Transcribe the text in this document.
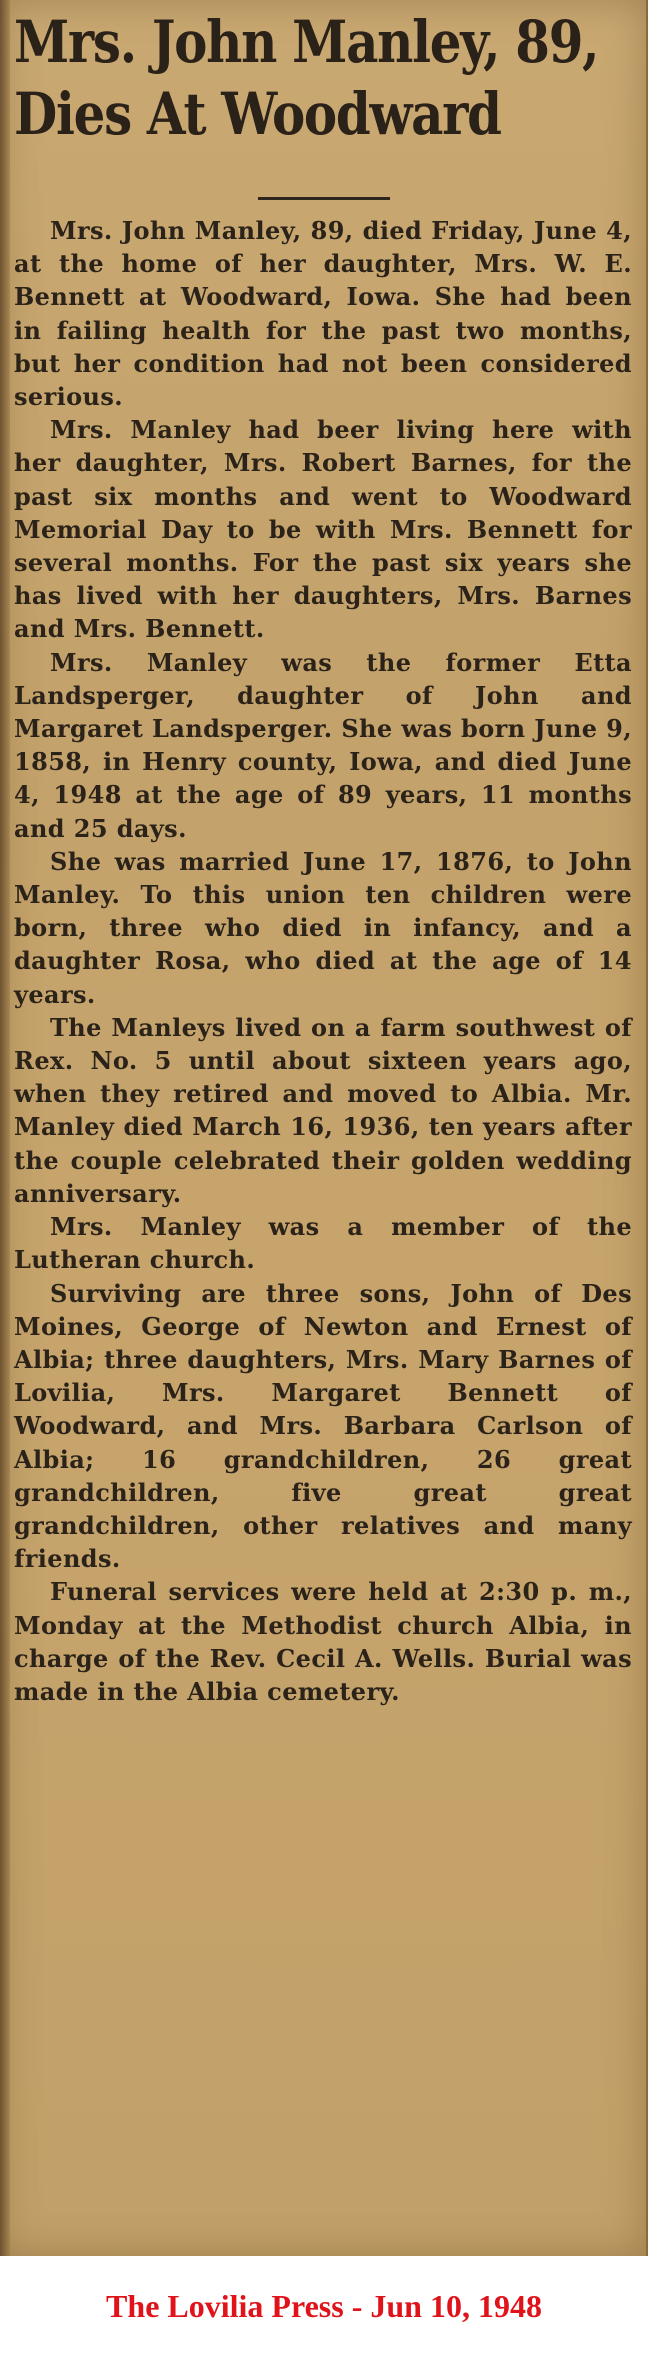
Mrs. John Manley, 89,
Dies At Woodward

Mrs. John Manley, 89, died Friday, June 4, at the home of her daughter, Mrs. W. E. Bennett at Woodward, Iowa. She had been in failing health for the past two months, but her condition had not been considered serious.

Mrs. Manley had beer living here with her daughter, Mrs. Robert Barnes, for the past six months and went to Woodward Memorial Day to be with Mrs. Bennett for several months. For the past six years she has lived with her daughters, Mrs. Barnes and Mrs. Bennett.

Mrs. Manley was the former Etta Landsperger, daughter of John and Margaret Landsperger. She was born June 9, 1858, in Henry county, Iowa, and died June 4, 1948 at the age of 89 years, 11 months and 25 days.

She was married June 17, 1876, to John Manley. To this union ten children were born, three who died in infancy, and a daughter Rosa, who died at the age of 14 years.

The Manleys lived on a farm southwest of Rex. No. 5 until about sixteen years ago, when they retired and moved to Albia. Mr. Manley died March 16, 1936, ten years after the couple celebrated their golden wedding anniversary.

Mrs. Manley was a member of the Lutheran church.

Surviving are three sons, John of Des Moines, George of Newton and Ernest of Albia; three daughters, Mrs. Mary Barnes of Lovilia, Mrs. Margaret Bennett of Woodward, and Mrs. Barbara Carlson of Albia; 16 grandchildren, 26 great grandchildren, five great great grandchildren, other relatives and many friends.

Funeral services were held at 2:30 p. m., Monday at the Methodist church Albia, in charge of the Rev. Cecil A. Wells. Burial was made in the Albia cemetery.

The Lovilia Press - Jun 10, 1948
